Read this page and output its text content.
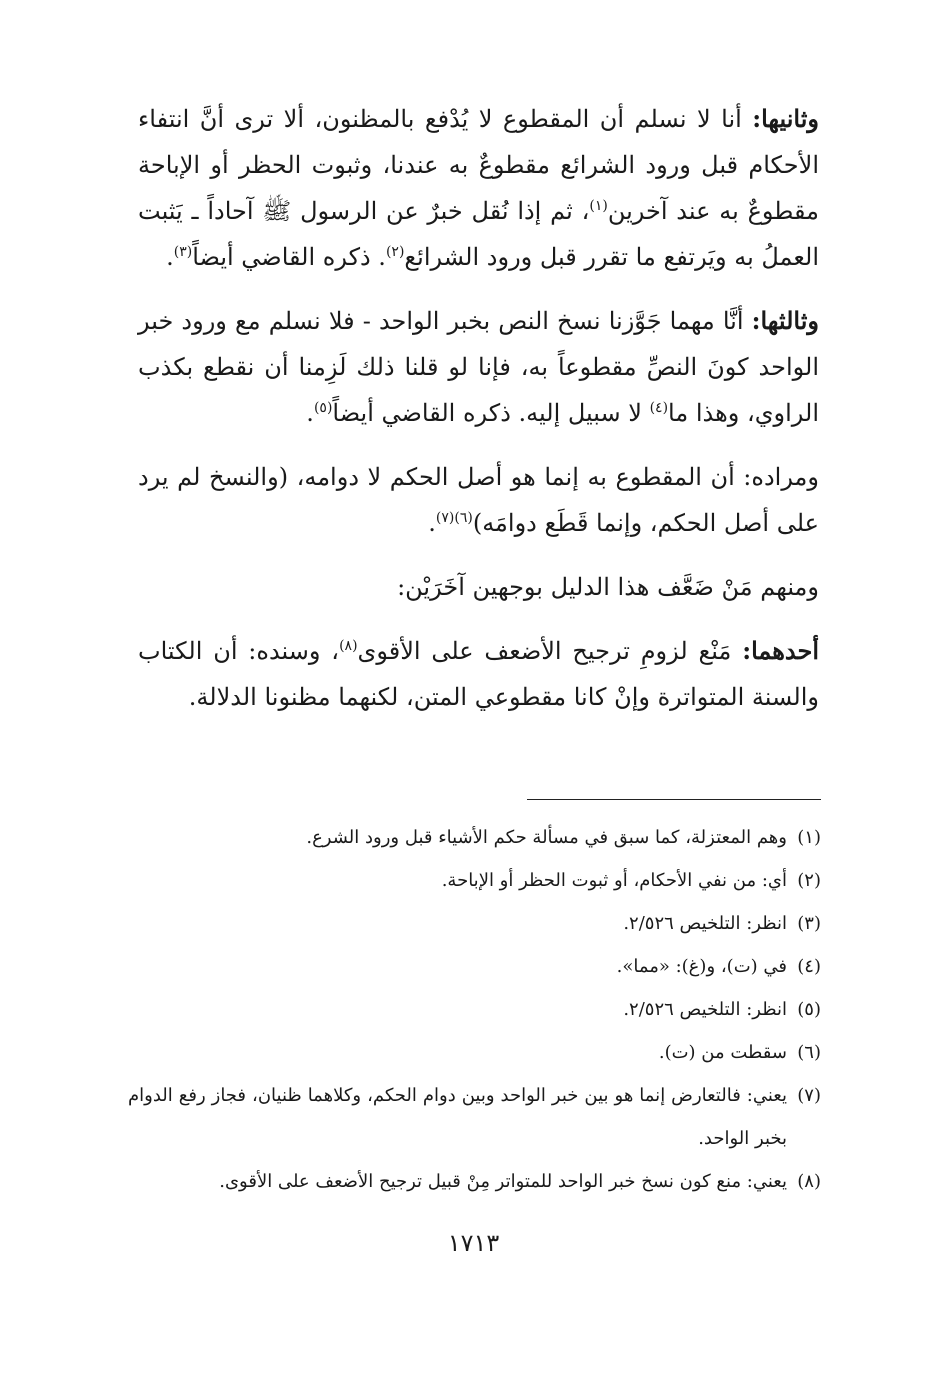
وثانيها: أنا لا نسلم أن المقطوع لا يُدْفع بالمظنون، ألا ترى أنَّ انتفاء الأحكام قبل ورود الشرائع مقطوعٌ به عندنا، وثبوت الحظر أو الإباحة مقطوعٌ به عند آخرين$^{(١)}$، ثم إذا نُقل خبرٌ عن الرسول ﷺ آحاداً ـ يَثبت العملُ به ويَرتفع ما تقرر قبل ورود الشرائع$^{(٢)}$. ذكره القاضي أيضاً$^{(٣)}$.

وثالثها: أنَّا مهما جَوَّزنا نسخ النص بخبر الواحد - فلا نسلم مع ورود خبر الواحد كونَ النصِّ مقطوعاً به، فإنا لو قلنا ذلك لَزِمنا أن نقطع بكذب الراوي، وهذا ما$^{(٤)}$ لا سبيل إليه. ذكره القاضي أيضاً$^{(٥)}$.

ومراده: أن المقطوع به إنما هو أصل الحكم لا دوامه، (والنسخ لم يرد على أصل الحكم، وإنما قَطَع دوامَه)$^{(٦)(٧)}$.

ومنهم مَنْ ضَعَّف هذا الدليل بوجهين آخَرَيْن:

أحدهما: مَنْع لزومِ ترجيح الأضعف على الأقوى$^{(٨)}$، وسنده: أن الكتاب والسنة المتواترة وإنْ كانا مقطوعي المتن، لكنهما مظنونا الدلالة.

(١)
وهم المعتزلة، كما سبق في مسألة حكم الأشياء قبل ورود الشرع.
(٢)
أي: من نفي الأحكام، أو ثبوت الحظر أو الإباحة.
(٣)
انظر: التلخيص ٢/٥٢٦.
(٤)
في (ت)، و(غ): «مما».
(٥)
انظر: التلخيص ٢/٥٢٦.
(٦)
سقطت من (ت).
(٧)
يعني: فالتعارض إنما هو بين خبر الواحد وبين دوام الحكم، وكلاهما ظنيان، فجاز رفع الدوام بخبر الواحد.
(٨)
يعني: منع كون نسخ خبر الواحد للمتواتر مِنْ قبيل ترجيح الأضعف على الأقوى.
١٧١٣
